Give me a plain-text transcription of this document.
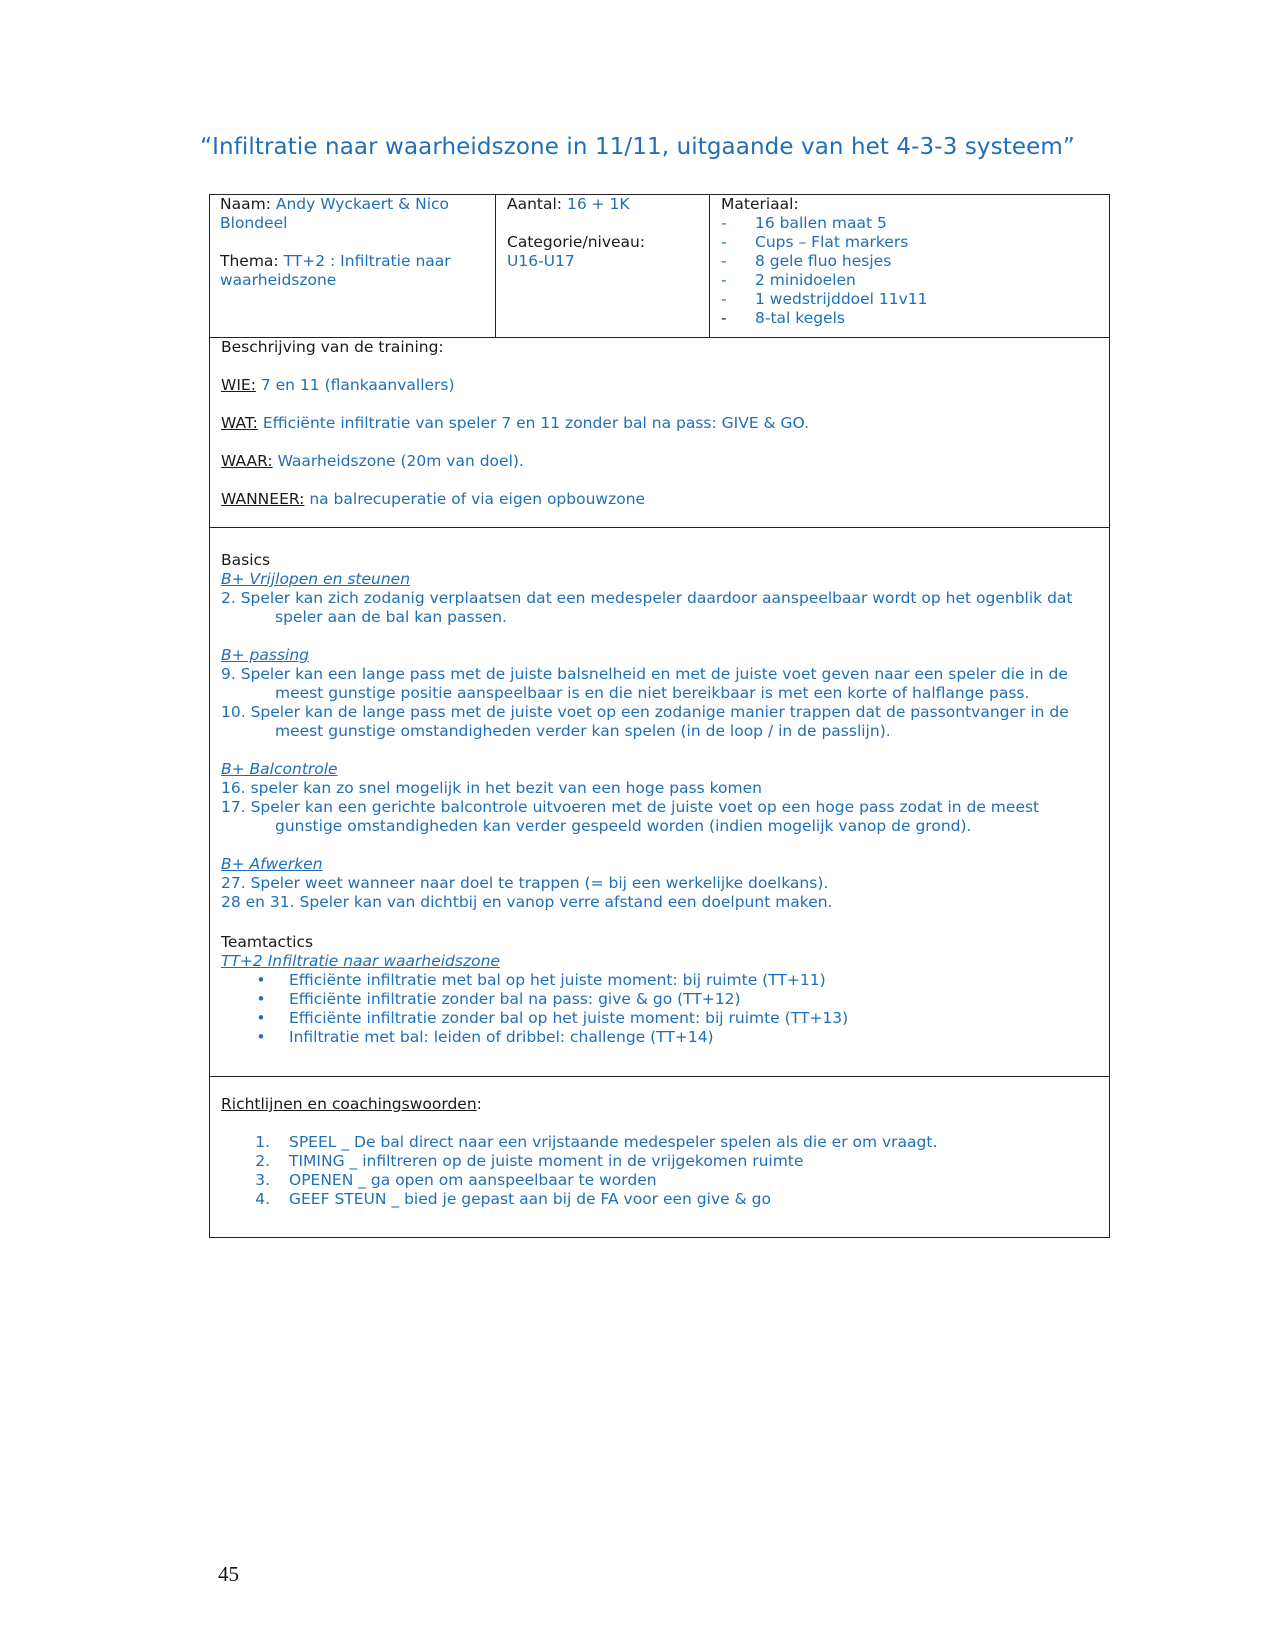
“Infiltratie naar waarheidszone in 11/11, uitgaande van het 4-3-3 systeem”

Naam: Andy Wyckaert & Nico Blondeel

Thema: TT+2 : Infiltratie naar waarheidszone

Aantal: 16 + 1K

Categorie/niveau:

U16-U17

Materiaal:

-	16 ballen maat 5
-	Cups – Flat markers
-	8 gele fluo hesjes
-	2 minidoelen
-	1 wedstrijddoel 11v11
-	8-tal kegels

Beschrijving van de training:

WIE: 7 en 11 (flankaanvallers)

WAT: Efficiënte infiltratie van speler 7 en 11 zonder bal na pass: GIVE & GO.

WAAR: Waarheidszone (20m van doel).

WANNEER: na balrecuperatie of via eigen opbouwzone

Basics

B+ Vrijlopen en steunen

2. Speler kan zich zodanig verplaatsen dat een medespeler daardoor aanspeelbaar wordt op het ogenblik dat speler aan de bal kan passen.

B+ passing

9. Speler kan een lange pass met de juiste balsnelheid en met de juiste voet geven naar een speler die in de meest gunstige positie aanspeelbaar is en die niet bereikbaar is met een korte of halflange pass.

10. Speler kan de lange pass met de juiste voet op een zodanige manier trappen dat de passontvanger in de meest gunstige omstandigheden verder kan spelen (in de loop / in de passlijn).

B+ Balcontrole

16. speler kan zo snel mogelijk in het bezit van een hoge pass komen

17. Speler kan een gerichte balcontrole uitvoeren met de juiste voet op een hoge pass zodat in de meest gunstige omstandigheden kan verder gespeeld worden (indien mogelijk vanop de grond).

B+ Afwerken

27. Speler weet wanneer naar doel te trappen (= bij een werkelijke doelkans).

28 en 31. Speler kan van dichtbij en vanop verre afstand een doelpunt maken.

Teamtactics

TT+2 Infiltratie naar waarheidszone

•	Efficiënte infiltratie met bal op het juiste moment: bij ruimte (TT+11)
•	Efficiënte infiltratie zonder bal na pass: give & go (TT+12)
•	Efficiënte infiltratie zonder bal op het juiste moment: bij ruimte (TT+13)
•	Infiltratie met bal: leiden of dribbel: challenge (TT+14)

Richtlijnen en coachingswoorden:

1.	SPEEL _ De bal direct naar een vrijstaande medespeler spelen als die er om vraagt.
2.	TIMING _ infiltreren op de juiste moment in de vrijgekomen ruimte
3.	OPENEN _ ga open om aanspeelbaar te worden
4.	GEEF STEUN _ bied je gepast aan bij de FA voor een give & go
45
